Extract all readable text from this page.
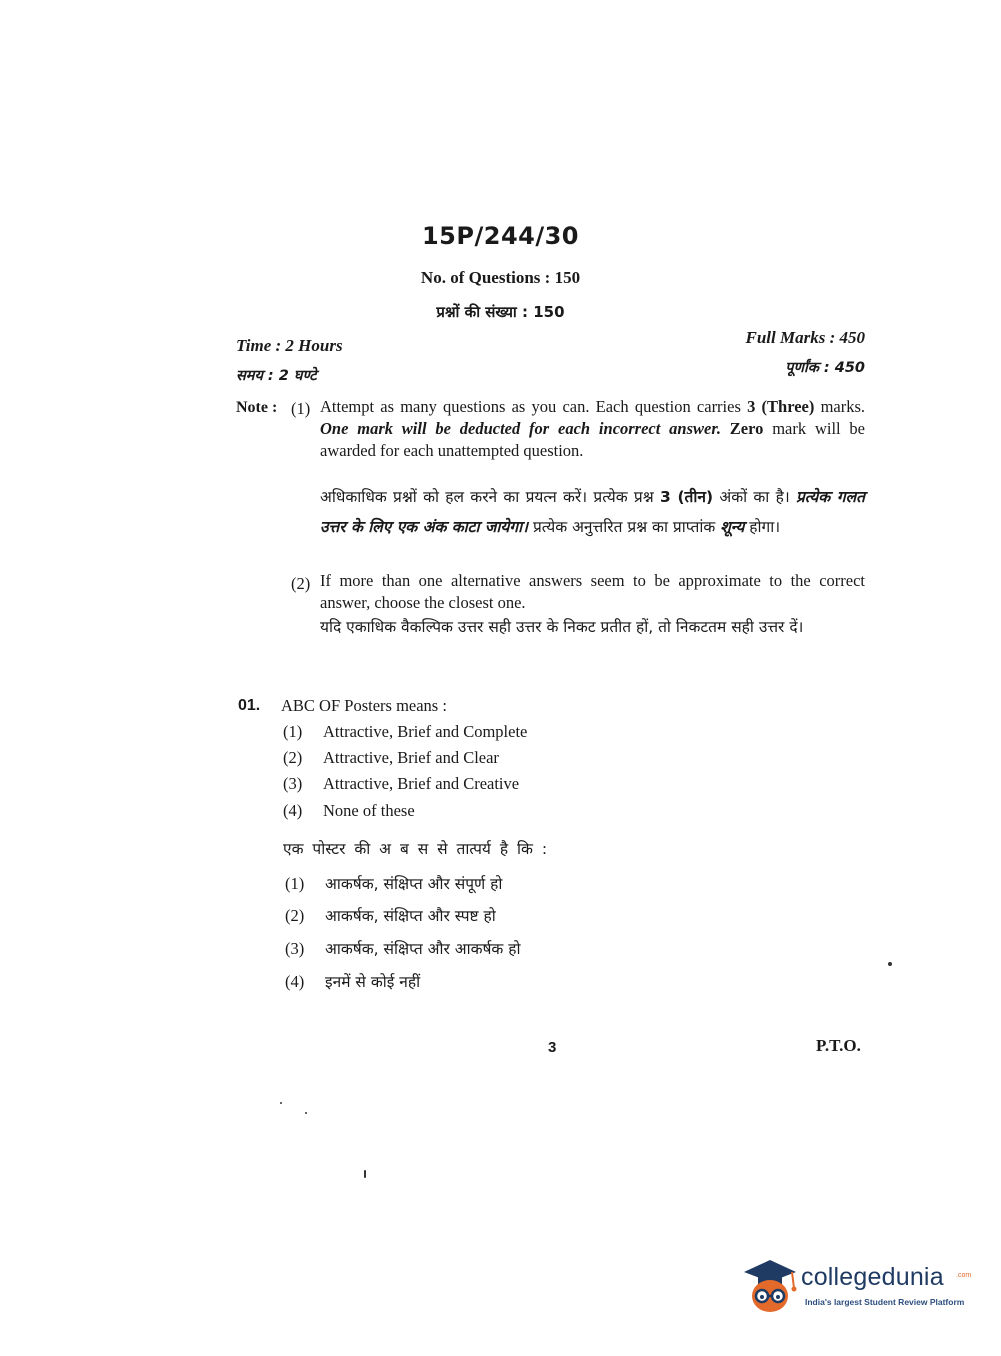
15P/244/30
No. of Questions : 150
प्रश्नों की संख्या : 150
Time : 2 Hours
समय : 2 घण्टे
Full Marks : 450
पूर्णांक : 450
Note : (1) Attempt as many questions as you can. Each question carries 3 (Three) marks. One mark will be deducted for each incorrect answer. Zero mark will be awarded for each unattempted question.
अधिकाधिक प्रश्नों को हल करने का प्रयत्न करें। प्रत्येक प्रश्न 3 (तीन) अंकों का है। प्रत्येक गलत उत्तर के लिए एक अंक काटा जायेगा। प्रत्येक अनुत्तरित प्रश्न का प्राप्तांक शून्य होगा।
(2) If more than one alternative answers seem to be approximate to the correct answer, choose the closest one.
यदि एकाधिक वैकल्पिक उत्तर सही उत्तर के निकट प्रतीत हों, तो निकटतम सही उत्तर दें।
01. ABC OF Posters means :
(1) Attractive, Brief and Complete
(2) Attractive, Brief and Clear
(3) Attractive, Brief and Creative
(4) None of these
एक पोस्टर की अ ब स से तात्पर्य है कि :
(1) आकर्षक, संक्षिप्त और संपूर्ण हो
(2) आकर्षक, संक्षिप्त और स्पष्ट हो
(3) आकर्षक, संक्षिप्त और आकर्षक हो
(4) इनमें से कोई नहीं
3	P.T.O.
collegedunia .com
India's largest Student Review Platform
